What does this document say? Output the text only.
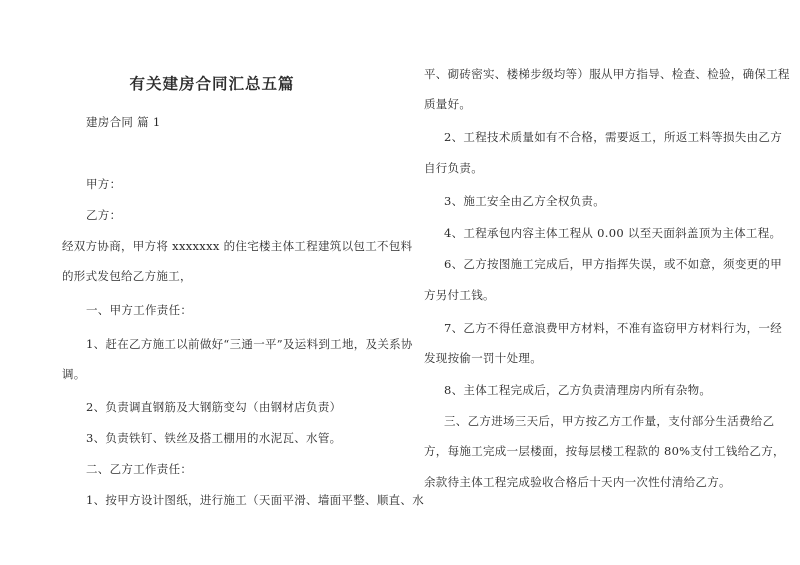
有关建房合同汇总五篇
建房合同 篇 1
甲方：
乙方：
经双方协商，甲方将 xxxxxxx 的住宅楼主体工程建筑以包工不包料
的形式发包给乙方施工，
一、甲方工作责任：
1、赶在乙方施工以前做好“三通一平”及运料到工地，及关系协
调。
2、负责调直钢筋及大钢筋变勾（由钢材店负责）
3、负责铁钉、铁丝及搭工棚用的水泥瓦、水管。
二、乙方工作责任：
1、按甲方设计图纸，进行施工（天面平滑、墙面平整、顺直、水
平、砌砖密实、楼梯步级均等）服从甲方指导、检查、检验，确保工程
质量好。
2、工程技术质量如有不合格，需要返工，所返工料等损失由乙方
自行负责。
3、施工安全由乙方全权负责。
4、工程承包内容主体工程从 0.00 以至天面斜盖顶为主体工程。
6、乙方按图施工完成后，甲方指挥失误，或不如意，须变更的甲
方另付工钱。
7、乙方不得任意浪费甲方材料，不准有盗窃甲方材料行为，一经
发现按偷一罚十处理。
8、主体工程完成后，乙方负责清理房内所有杂物。
三、乙方进场三天后，甲方按乙方工作量，支付部分生活费给乙
方，每施工完成一层楼面，按每层楼工程款的 80%支付工钱给乙方，
余款待主体工程完成验收合格后十天内一次性付清给乙方。
